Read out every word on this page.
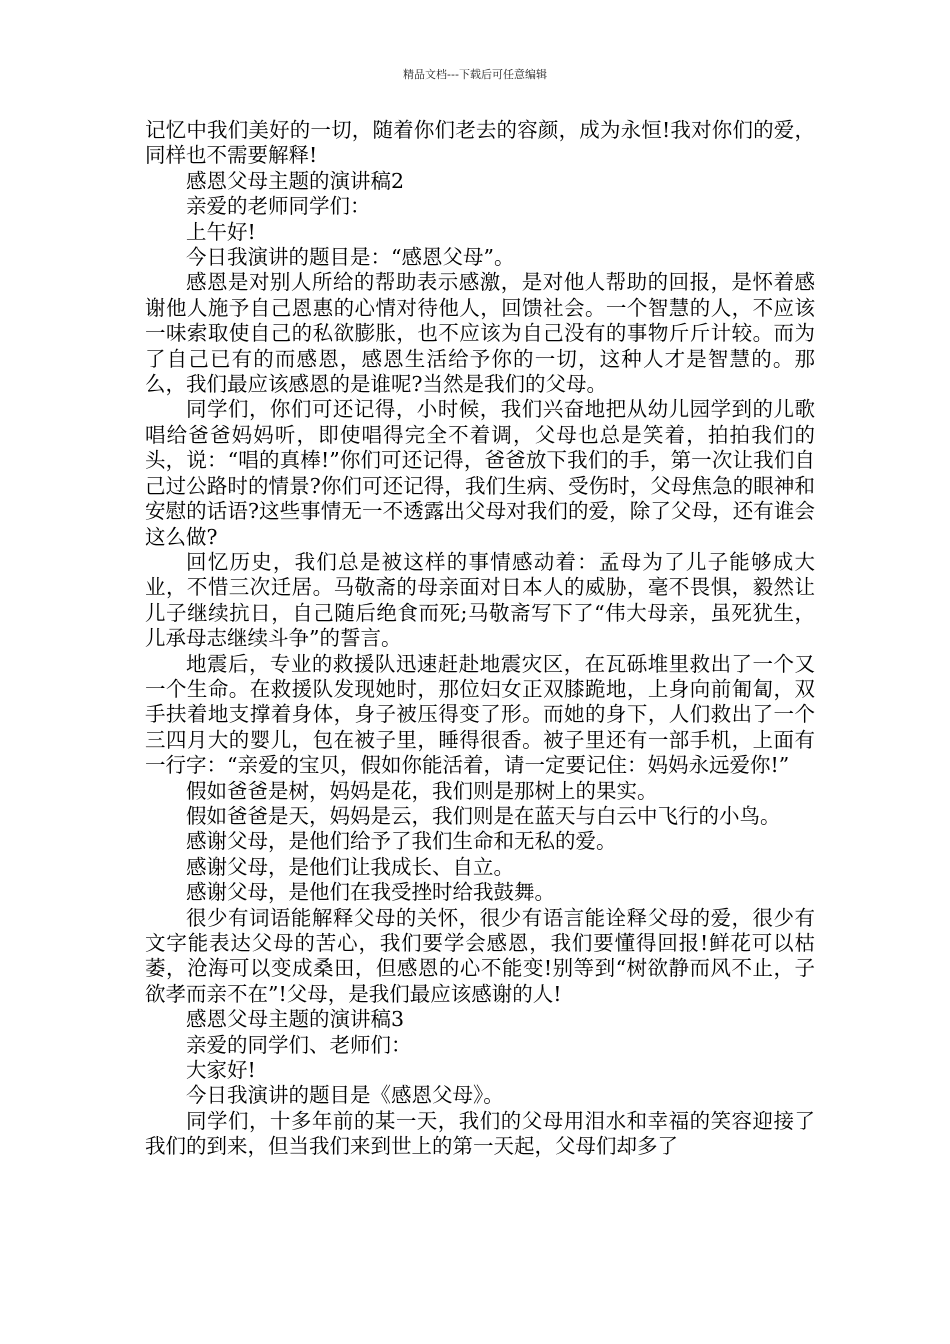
精品文档---下载后可任意编辑

记忆中我们美好的一切，随着你们老去的容颜，成为永恒!我对你们的爱，同样也不需要解释!

感恩父母主题的演讲稿2

亲爱的老师同学们：

上午好!

今日我演讲的题目是：“感恩父母”。

感恩是对别人所给的帮助表示感激，是对他人帮助的回报，是怀着感谢他人施予自己恩惠的心情对待他人，回馈社会。一个智慧的人，不应该一味索取使自己的私欲膨胀，也不应该为自己没有的事物斤斤计较。而为了自己已有的而感恩，感恩生活给予你的一切，这种人才是智慧的。那么，我们最应该感恩的是谁呢?当然是我们的父母。

同学们，你们可还记得，小时候，我们兴奋地把从幼儿园学到的儿歌唱给爸爸妈妈听，即使唱得完全不着调，父母也总是笑着，拍拍我们的头，说：“唱的真棒!”你们可还记得，爸爸放下我们的手，第一次让我们自己过公路时的情景?你们可还记得，我们生病、受伤时，父母焦急的眼神和安慰的话语?这些事情无一不透露出父母对我们的爱，除了父母，还有谁会这么做?

回忆历史，我们总是被这样的事情感动着：孟母为了儿子能够成大业，不惜三次迁居。马敬斋的母亲面对日本人的威胁，毫不畏惧，毅然让儿子继续抗日，自己随后绝食而死;马敬斋写下了“伟大母亲，虽死犹生，儿承母志继续斗争”的誓言。

地震后，专业的救援队迅速赶赴地震灾区，在瓦砾堆里救出了一个又一个生命。在救援队发现她时，那位妇女正双膝跪地，上身向前匍匐，双手扶着地支撑着身体，身子被压得变了形。而她的身下，人们救出了一个三四月大的婴儿，包在被子里，睡得很香。被子里还有一部手机，上面有一行字：“亲爱的宝贝，假如你能活着，请一定要记住：妈妈永远爱你!”

假如爸爸是树，妈妈是花，我们则是那树上的果实。

假如爸爸是天，妈妈是云，我们则是在蓝天与白云中飞行的小鸟。

感谢父母，是他们给予了我们生命和无私的爱。

感谢父母，是他们让我成长、自立。

感谢父母，是他们在我受挫时给我鼓舞。

很少有词语能解释父母的关怀，很少有语言能诠释父母的爱，很少有文字能表达父母的苦心，我们要学会感恩，我们要懂得回报!鲜花可以枯萎，沧海可以变成桑田，但感恩的心不能变!别等到“树欲静而风不止，子欲孝而亲不在”!父母，是我们最应该感谢的人!

感恩父母主题的演讲稿3

亲爱的同学们、老师们：

大家好!

今日我演讲的题目是《感恩父母》。

同学们，十多年前的某一天，我们的父母用泪水和幸福的笑容迎接了我们的到来，但当我们来到世上的第一天起，父母们却多了
